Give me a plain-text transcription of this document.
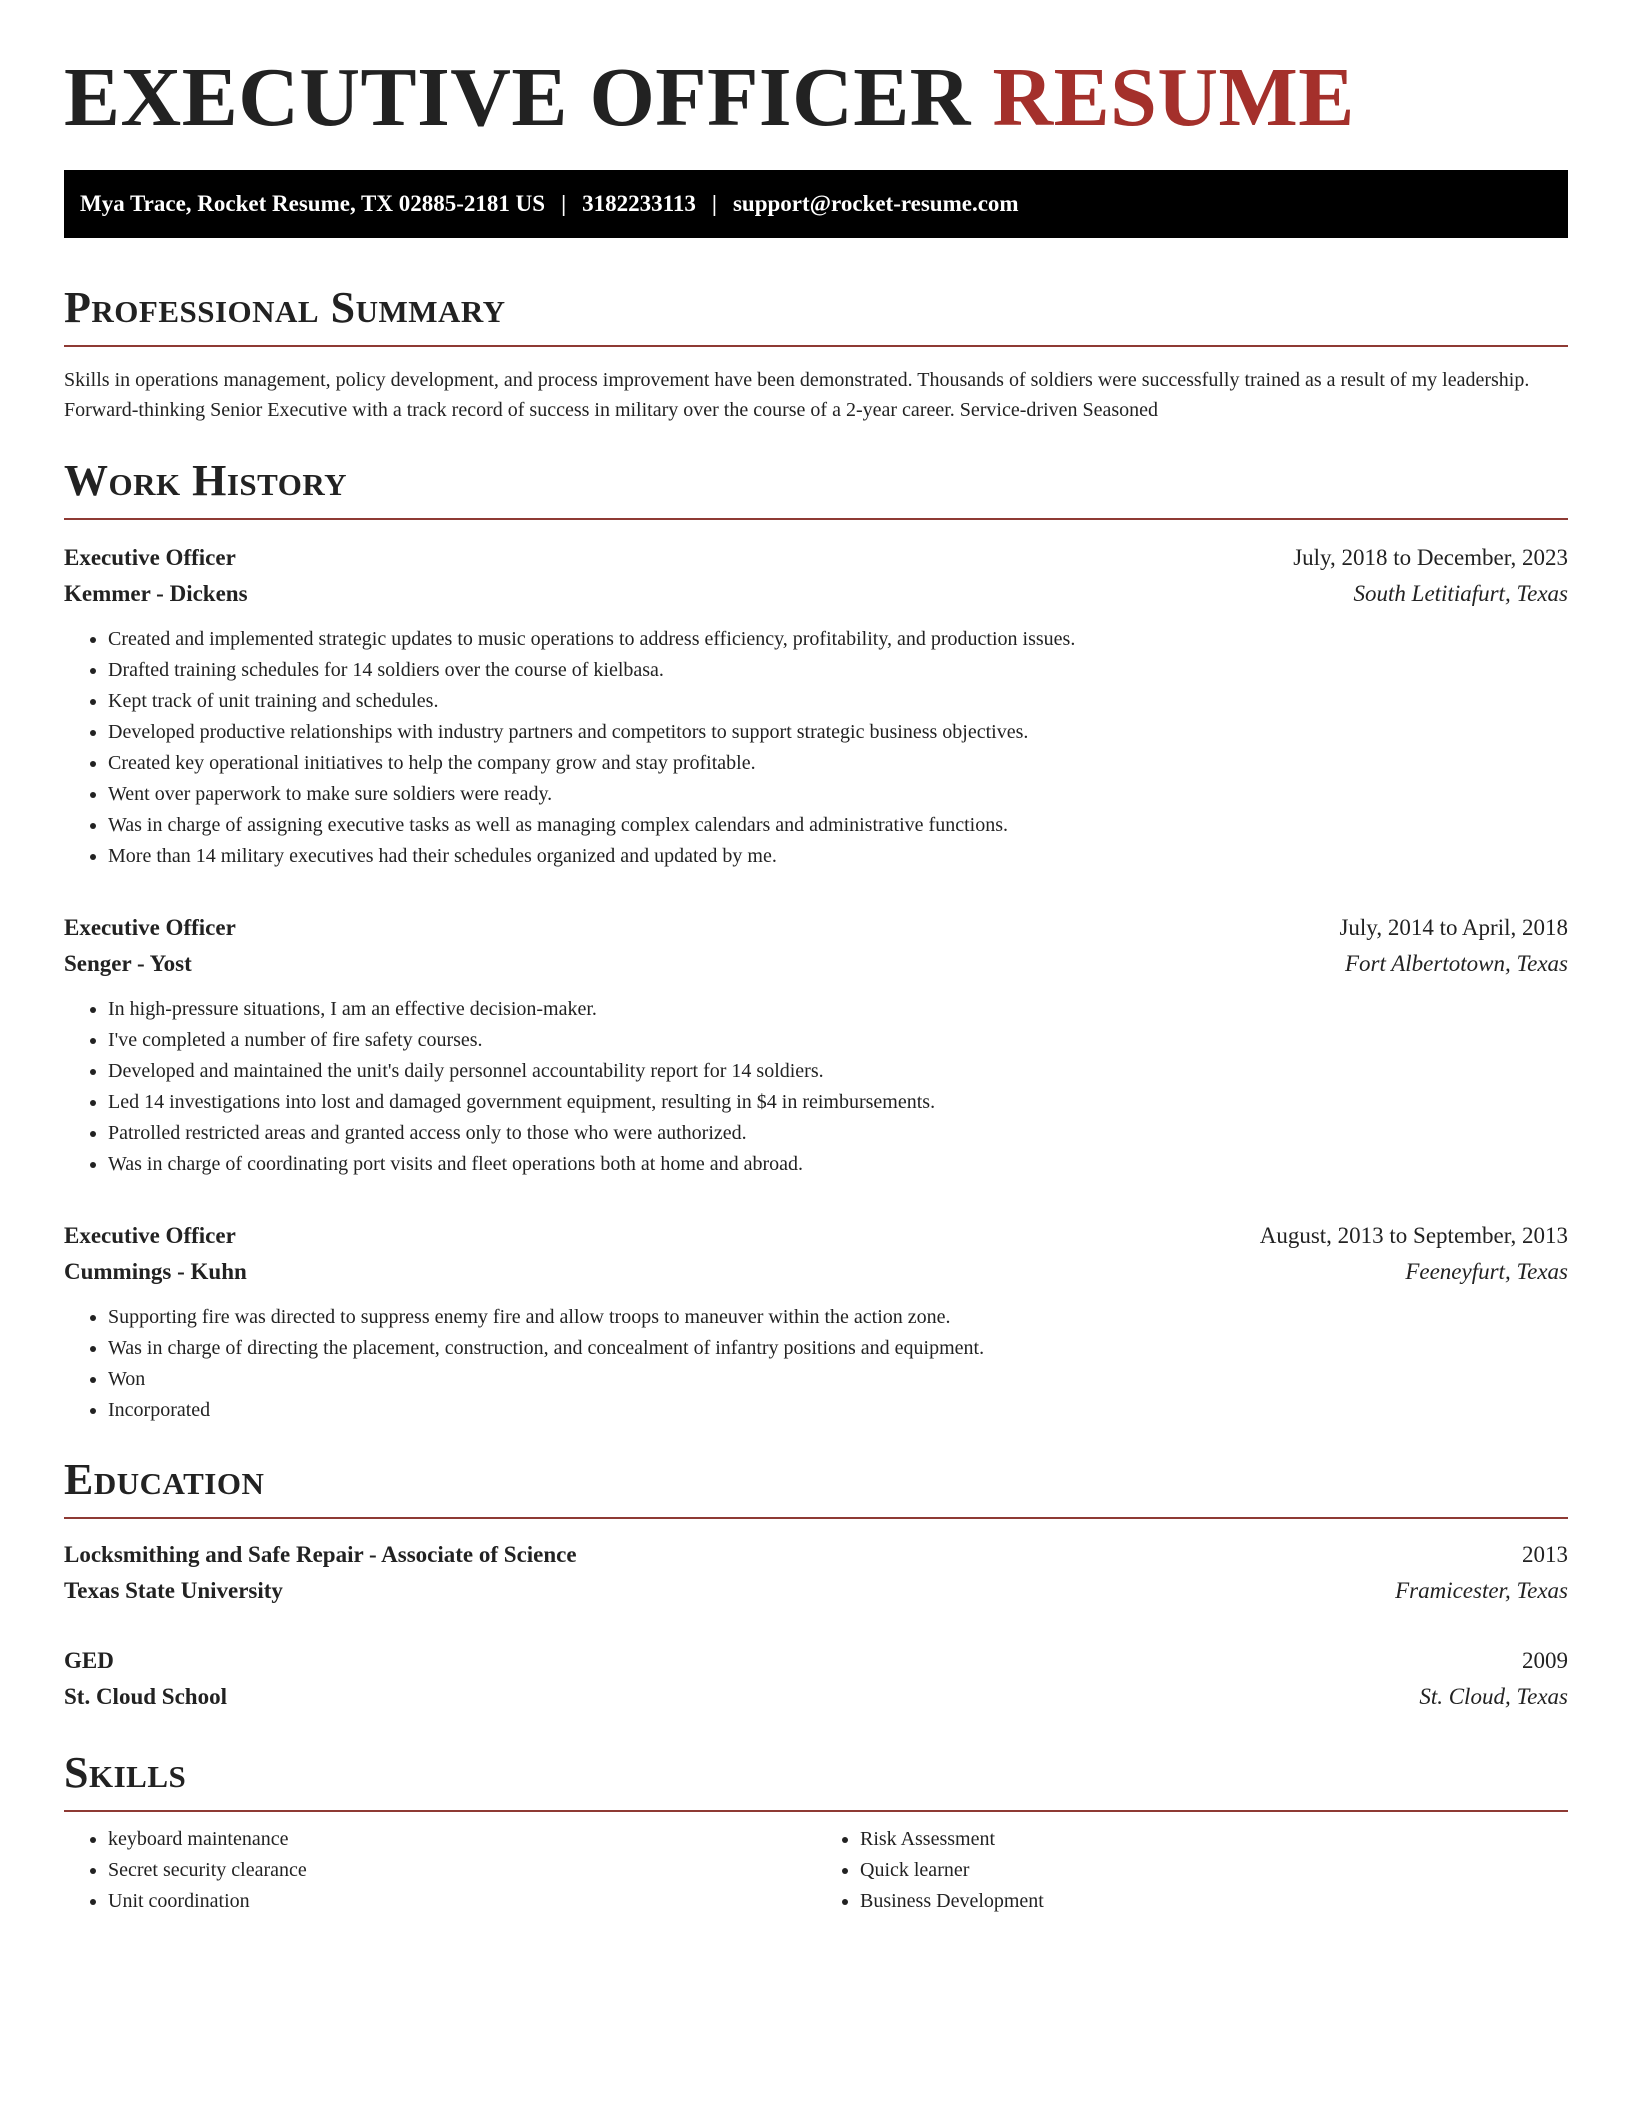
EXECUTIVE OFFICER RESUME
Mya Trace, Rocket Resume, TX 02885-2181 US | 3182233113 | support@rocket-resume.com
Professional Summary

Skills in operations management, policy development, and process improvement have been demonstrated. Thousands of soldiers were successfully trained as a result of my leadership. Forward-thinking Senior Executive with a track record of success in military over the course of a 2-year career. Service-driven Seasoned

Work History
Executive Officer	July, 2018 to December, 2023
Kemmer - Dickens	South Letitiafurt, Texas
• Created and implemented strategic updates to music operations to address efficiency, profitability, and production issues.
• Drafted training schedules for 14 soldiers over the course of kielbasa.
• Kept track of unit training and schedules.
• Developed productive relationships with industry partners and competitors to support strategic business objectives.
• Created key operational initiatives to help the company grow and stay profitable.
• Went over paperwork to make sure soldiers were ready.
• Was in charge of assigning executive tasks as well as managing complex calendars and administrative functions.
• More than 14 military executives had their schedules organized and updated by me.
Executive Officer	July, 2014 to April, 2018
Senger - Yost	Fort Albertotown, Texas
• In high-pressure situations, I am an effective decision-maker.
• I've completed a number of fire safety courses.
• Developed and maintained the unit's daily personnel accountability report for 14 soldiers.
• Led 14 investigations into lost and damaged government equipment, resulting in $4 in reimbursements.
• Patrolled restricted areas and granted access only to those who were authorized.
• Was in charge of coordinating port visits and fleet operations both at home and abroad.
Executive Officer	August, 2013 to September, 2013
Cummings - Kuhn	Feeneyfurt, Texas
• Supporting fire was directed to suppress enemy fire and allow troops to maneuver within the action zone.
• Was in charge of directing the placement, construction, and concealment of infantry positions and equipment.
• Won
• Incorporated
Education
Locksmithing and Safe Repair - Associate of Science	2013
Texas State University	Framicester, Texas
GED	2009
St. Cloud School	St. Cloud, Texas
Skills
• keyboard maintenance
• Secret security clearance
• Unit coordination
• Risk Assessment
• Quick learner
• Business Development
